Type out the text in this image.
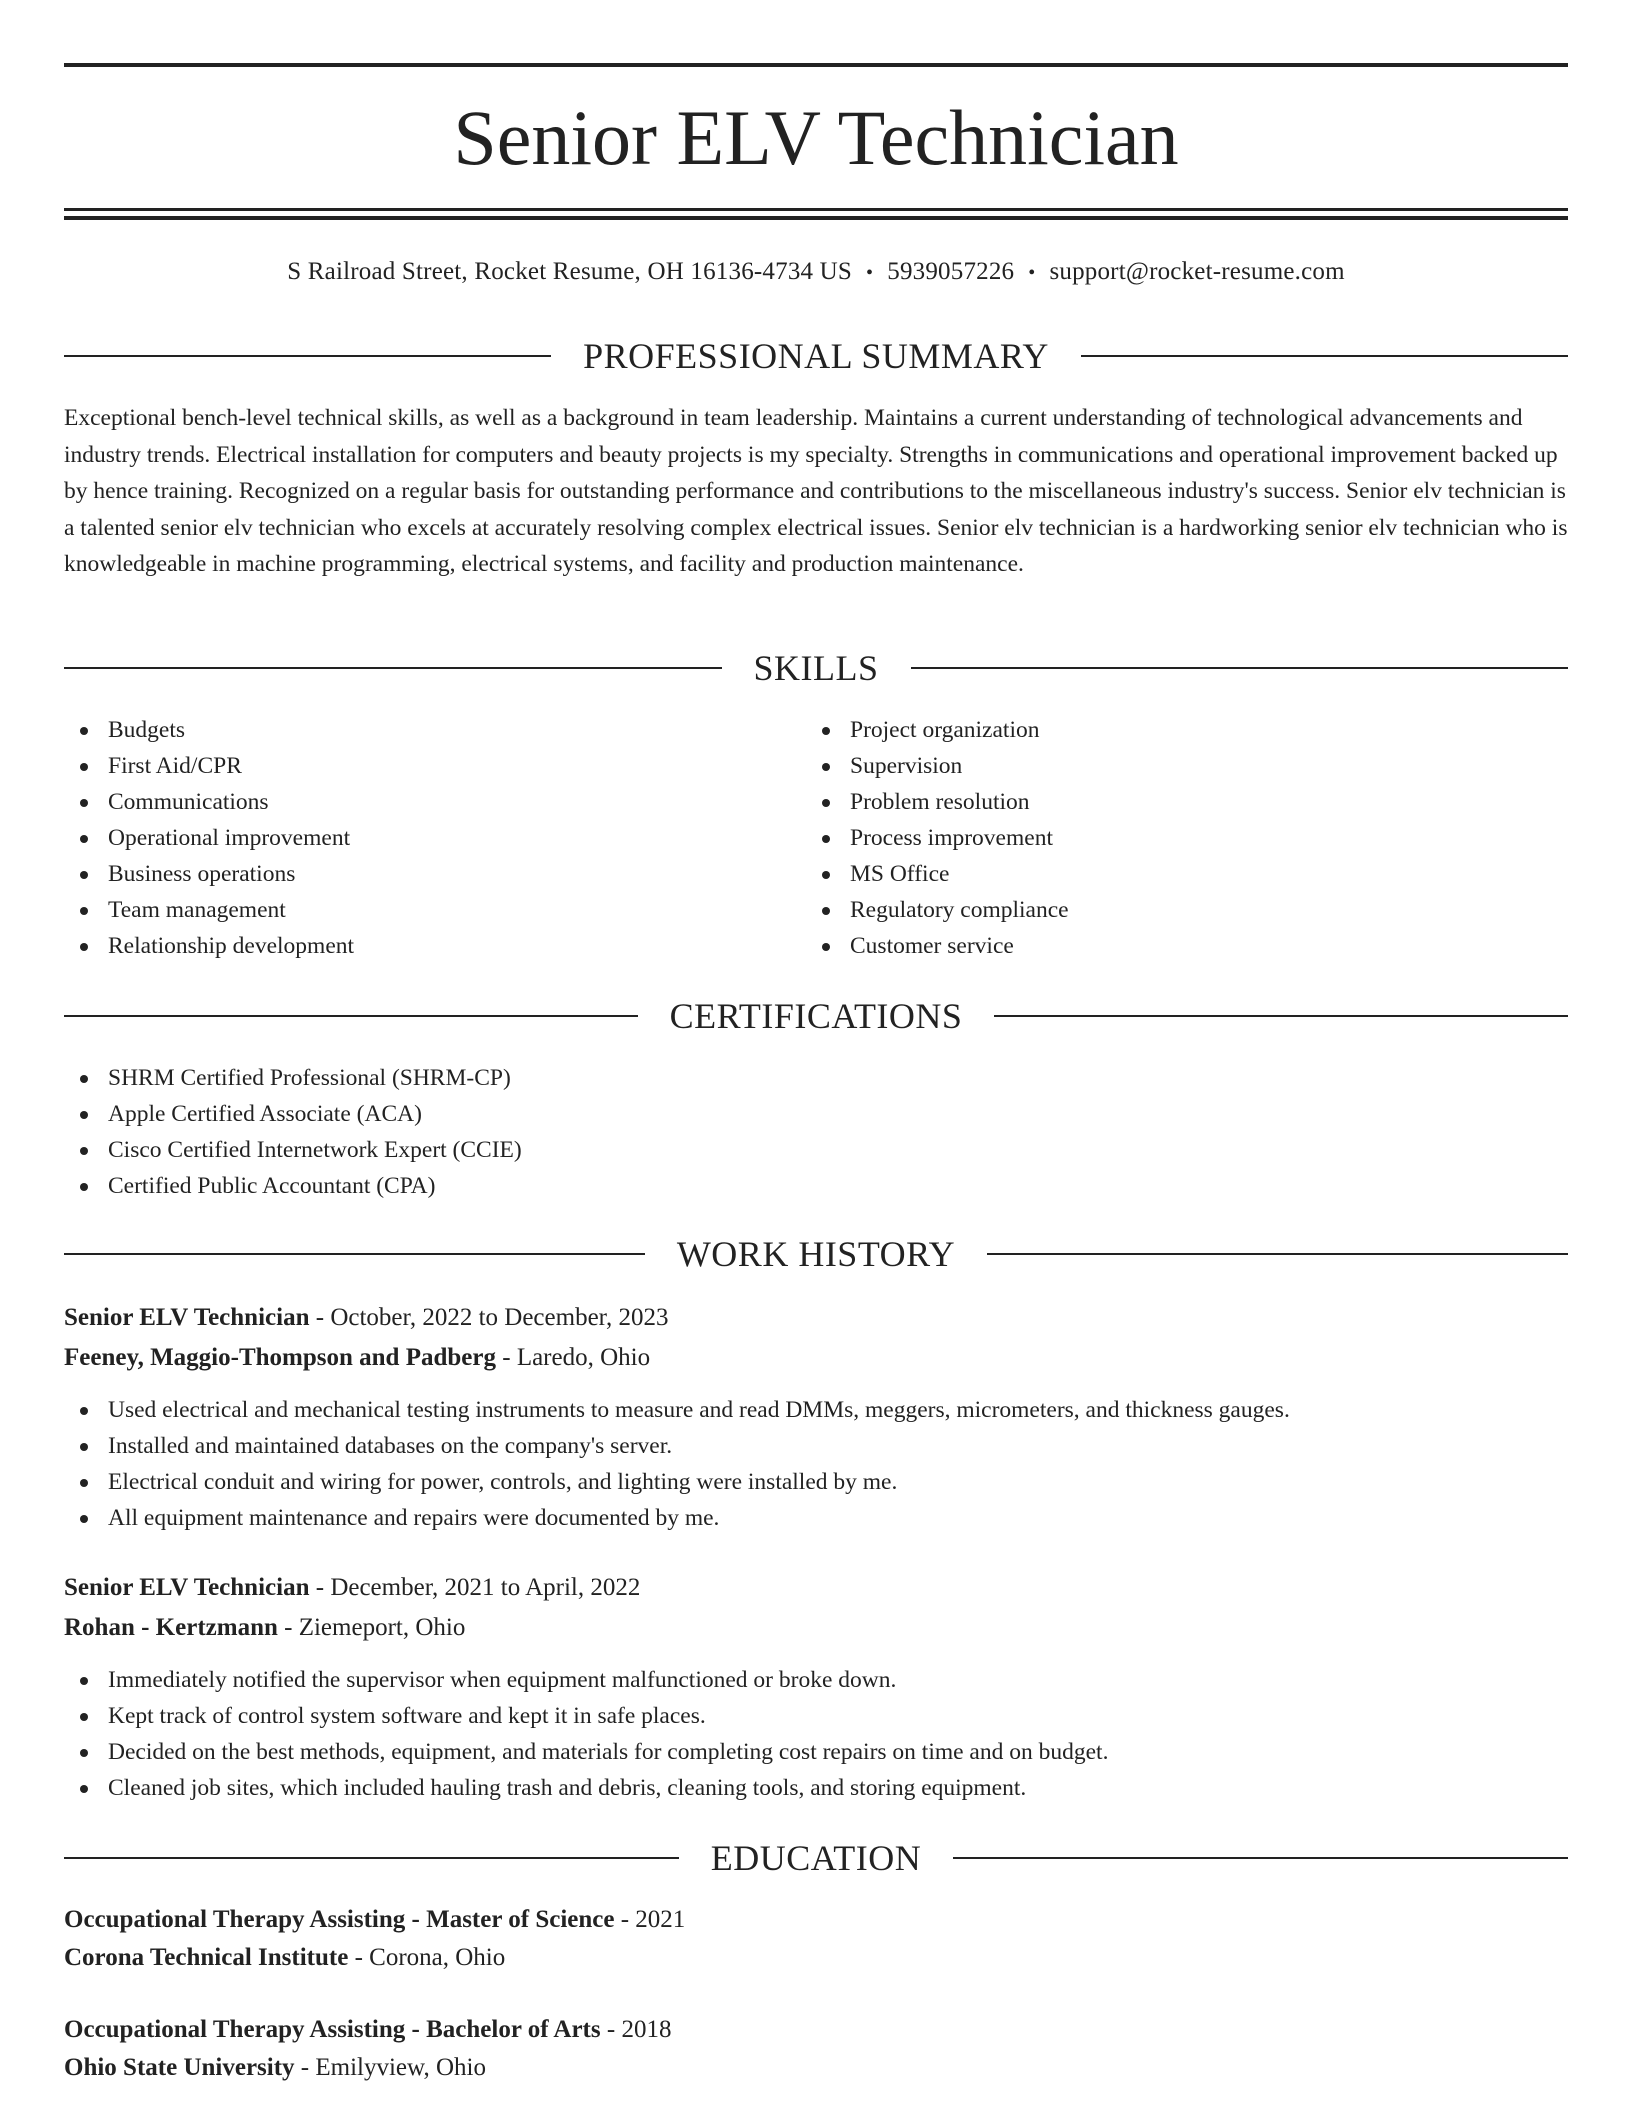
Senior ELV Technician
S Railroad Street, Rocket Resume, OH 16136-4734 US • 5939057226 • support@rocket-resume.com
PROFESSIONAL SUMMARY

Exceptional bench-level technical skills, as well as a background in team leadership. Maintains a current understanding of technological advancements and industry trends. Electrical installation for computers and beauty projects is my specialty. Strengths in communications and operational improvement backed up by hence training. Recognized on a regular basis for outstanding performance and contributions to the miscellaneous industry's success. Senior elv technician is a talented senior elv technician who excels at accurately resolving complex electrical issues. Senior elv technician is a hardworking senior elv technician who is knowledgeable in machine programming, electrical systems, and facility and production maintenance.

SKILLS
Budgets
First Aid/CPR
Communications
Operational improvement
Business operations
Team management
Relationship development
Project organization
Supervision
Problem resolution
Process improvement
MS Office
Regulatory compliance
Customer service
CERTIFICATIONS
SHRM Certified Professional (SHRM-CP)
Apple Certified Associate (ACA)
Cisco Certified Internetwork Expert (CCIE)
Certified Public Accountant (CPA)
WORK HISTORY
Senior ELV Technician - October, 2022 to December, 2023
Feeney, Maggio-Thompson and Padberg - Laredo, Ohio
Used electrical and mechanical testing instruments to measure and read DMMs, meggers, micrometers, and thickness gauges.
Installed and maintained databases on the company's server.
Electrical conduit and wiring for power, controls, and lighting were installed by me.
All equipment maintenance and repairs were documented by me.
Senior ELV Technician - December, 2021 to April, 2022
Rohan - Kertzmann - Ziemeport, Ohio
Immediately notified the supervisor when equipment malfunctioned or broke down.
Kept track of control system software and kept it in safe places.
Decided on the best methods, equipment, and materials for completing cost repairs on time and on budget.
Cleaned job sites, which included hauling trash and debris, cleaning tools, and storing equipment.
EDUCATION
Occupational Therapy Assisting - Master of Science - 2021
Corona Technical Institute - Corona, Ohio
Occupational Therapy Assisting - Bachelor of Arts - 2018
Ohio State University - Emilyview, Ohio
